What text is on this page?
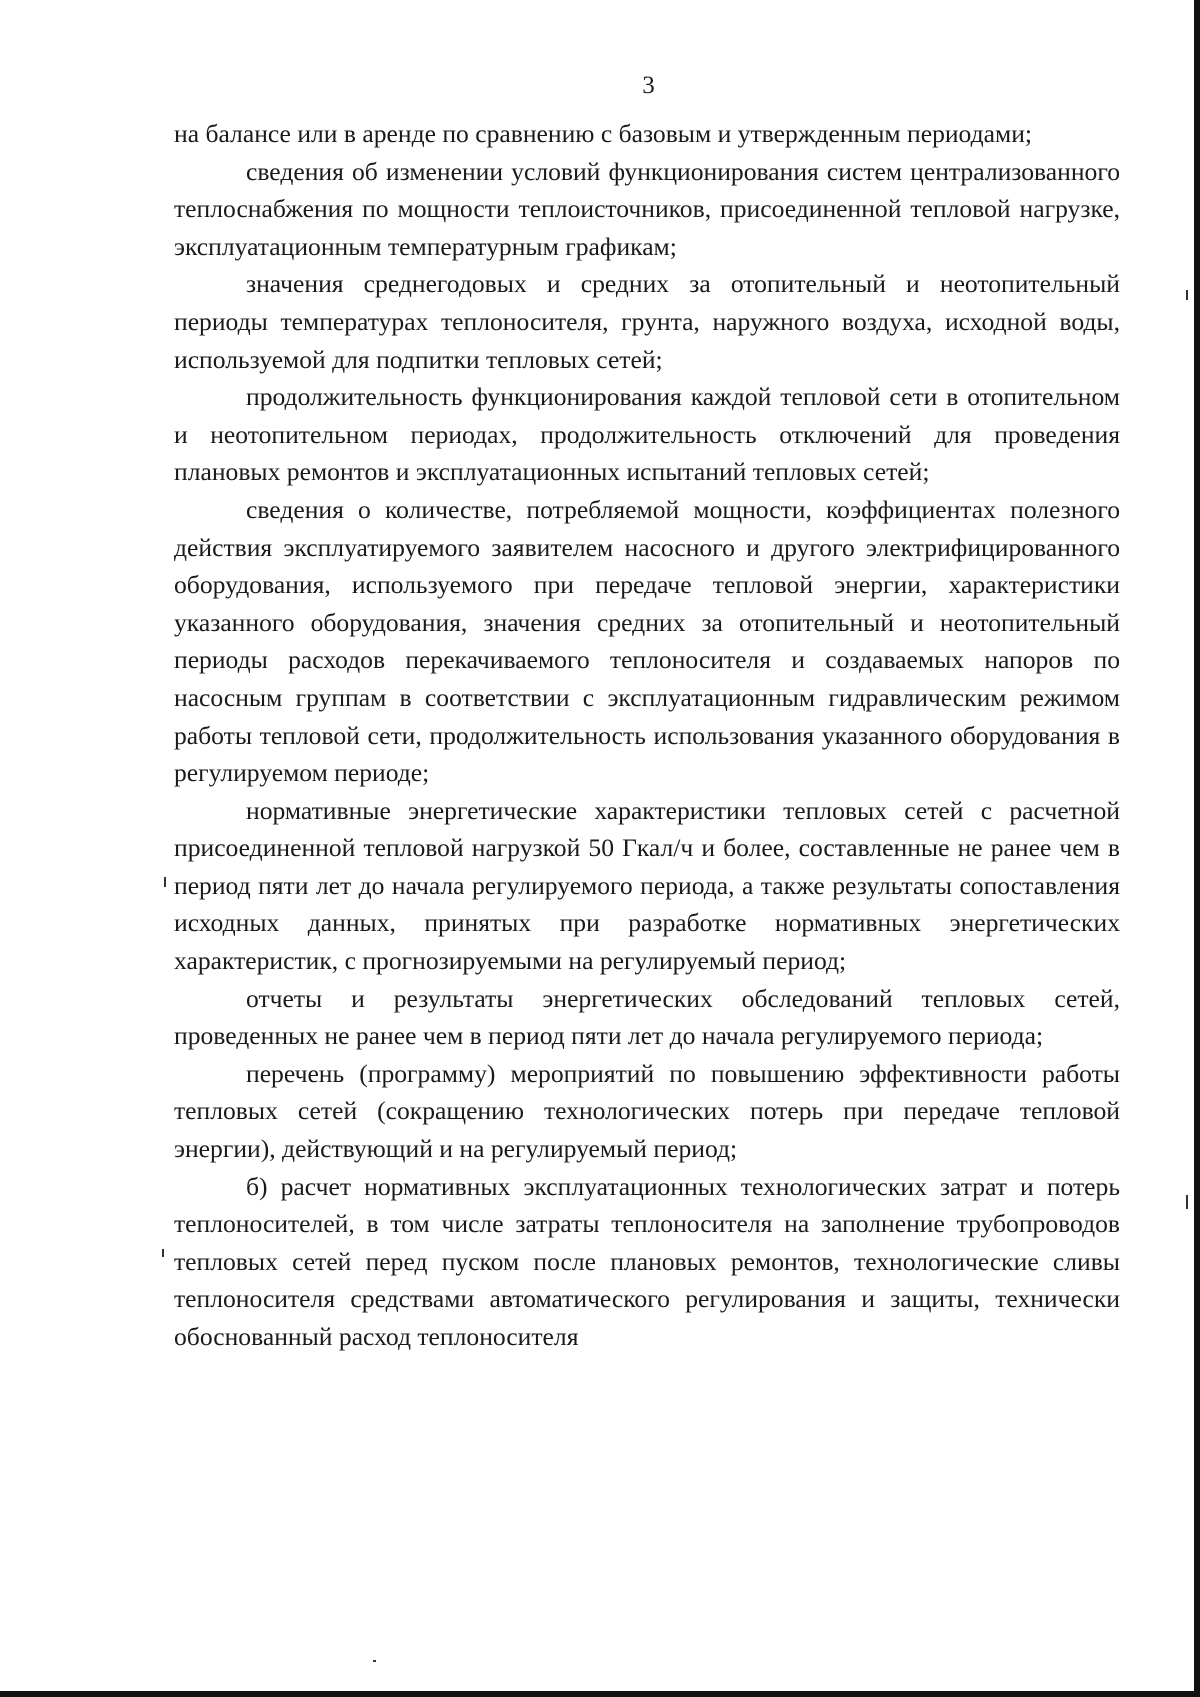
3

на балансе или в аренде по сравнению с базовым и утвержденным периодами;

сведения об изменении условий функционирования систем централизованного теплоснабжения по мощности теплоисточников, присоединенной тепловой нагрузке, эксплуатационным температурным графикам;

значения среднегодовых и средних за отопительный и неотопительный периоды температурах теплоносителя, грунта, наружного воздуха, исходной воды, используемой для подпитки тепловых сетей;

продолжительность функционирования каждой тепловой сети в отопительном и неотопительном периодах, продолжительность отключений для проведения плановых ремонтов и эксплуатационных испытаний тепловых сетей;

сведения о количестве, потребляемой мощности, коэффициентах полезного действия эксплуатируемого заявителем насосного и другого электрифицированного оборудования, используемого при передаче тепловой энергии, характеристики указанного оборудования, значения средних за отопительный и неотопительный периоды расходов перекачиваемого теплоносителя и создаваемых напоров по насосным группам в соответствии с эксплуатационным гидравлическим режимом работы тепловой сети, продолжительность использования указанного оборудования в регулируемом периоде;

нормативные энергетические характеристики тепловых сетей с расчетной присоединенной тепловой нагрузкой 50 Гкал/ч и более, составленные не ранее чем в период пяти лет до начала регулируемого периода, а также результаты сопоставления исходных данных, принятых при разработке нормативных энергетических характеристик, с прогнозируемыми на регулируемый период;

отчеты и результаты энергетических обследований тепловых сетей, проведенных не ранее чем в период пяти лет до начала регулируемого периода;

перечень (программу) мероприятий по повышению эффективности работы тепловых сетей (сокращению технологических потерь при передаче тепловой энергии), действующий и на регулируемый период;

б) расчет нормативных эксплуатационных технологических затрат и потерь теплоносителей, в том числе затраты теплоносителя на заполнение трубопроводов тепловых сетей перед пуском после плановых ремонтов, технологические сливы теплоносителя средствами автоматического регулирования и защиты, технически обоснованный расход теплоносителя
